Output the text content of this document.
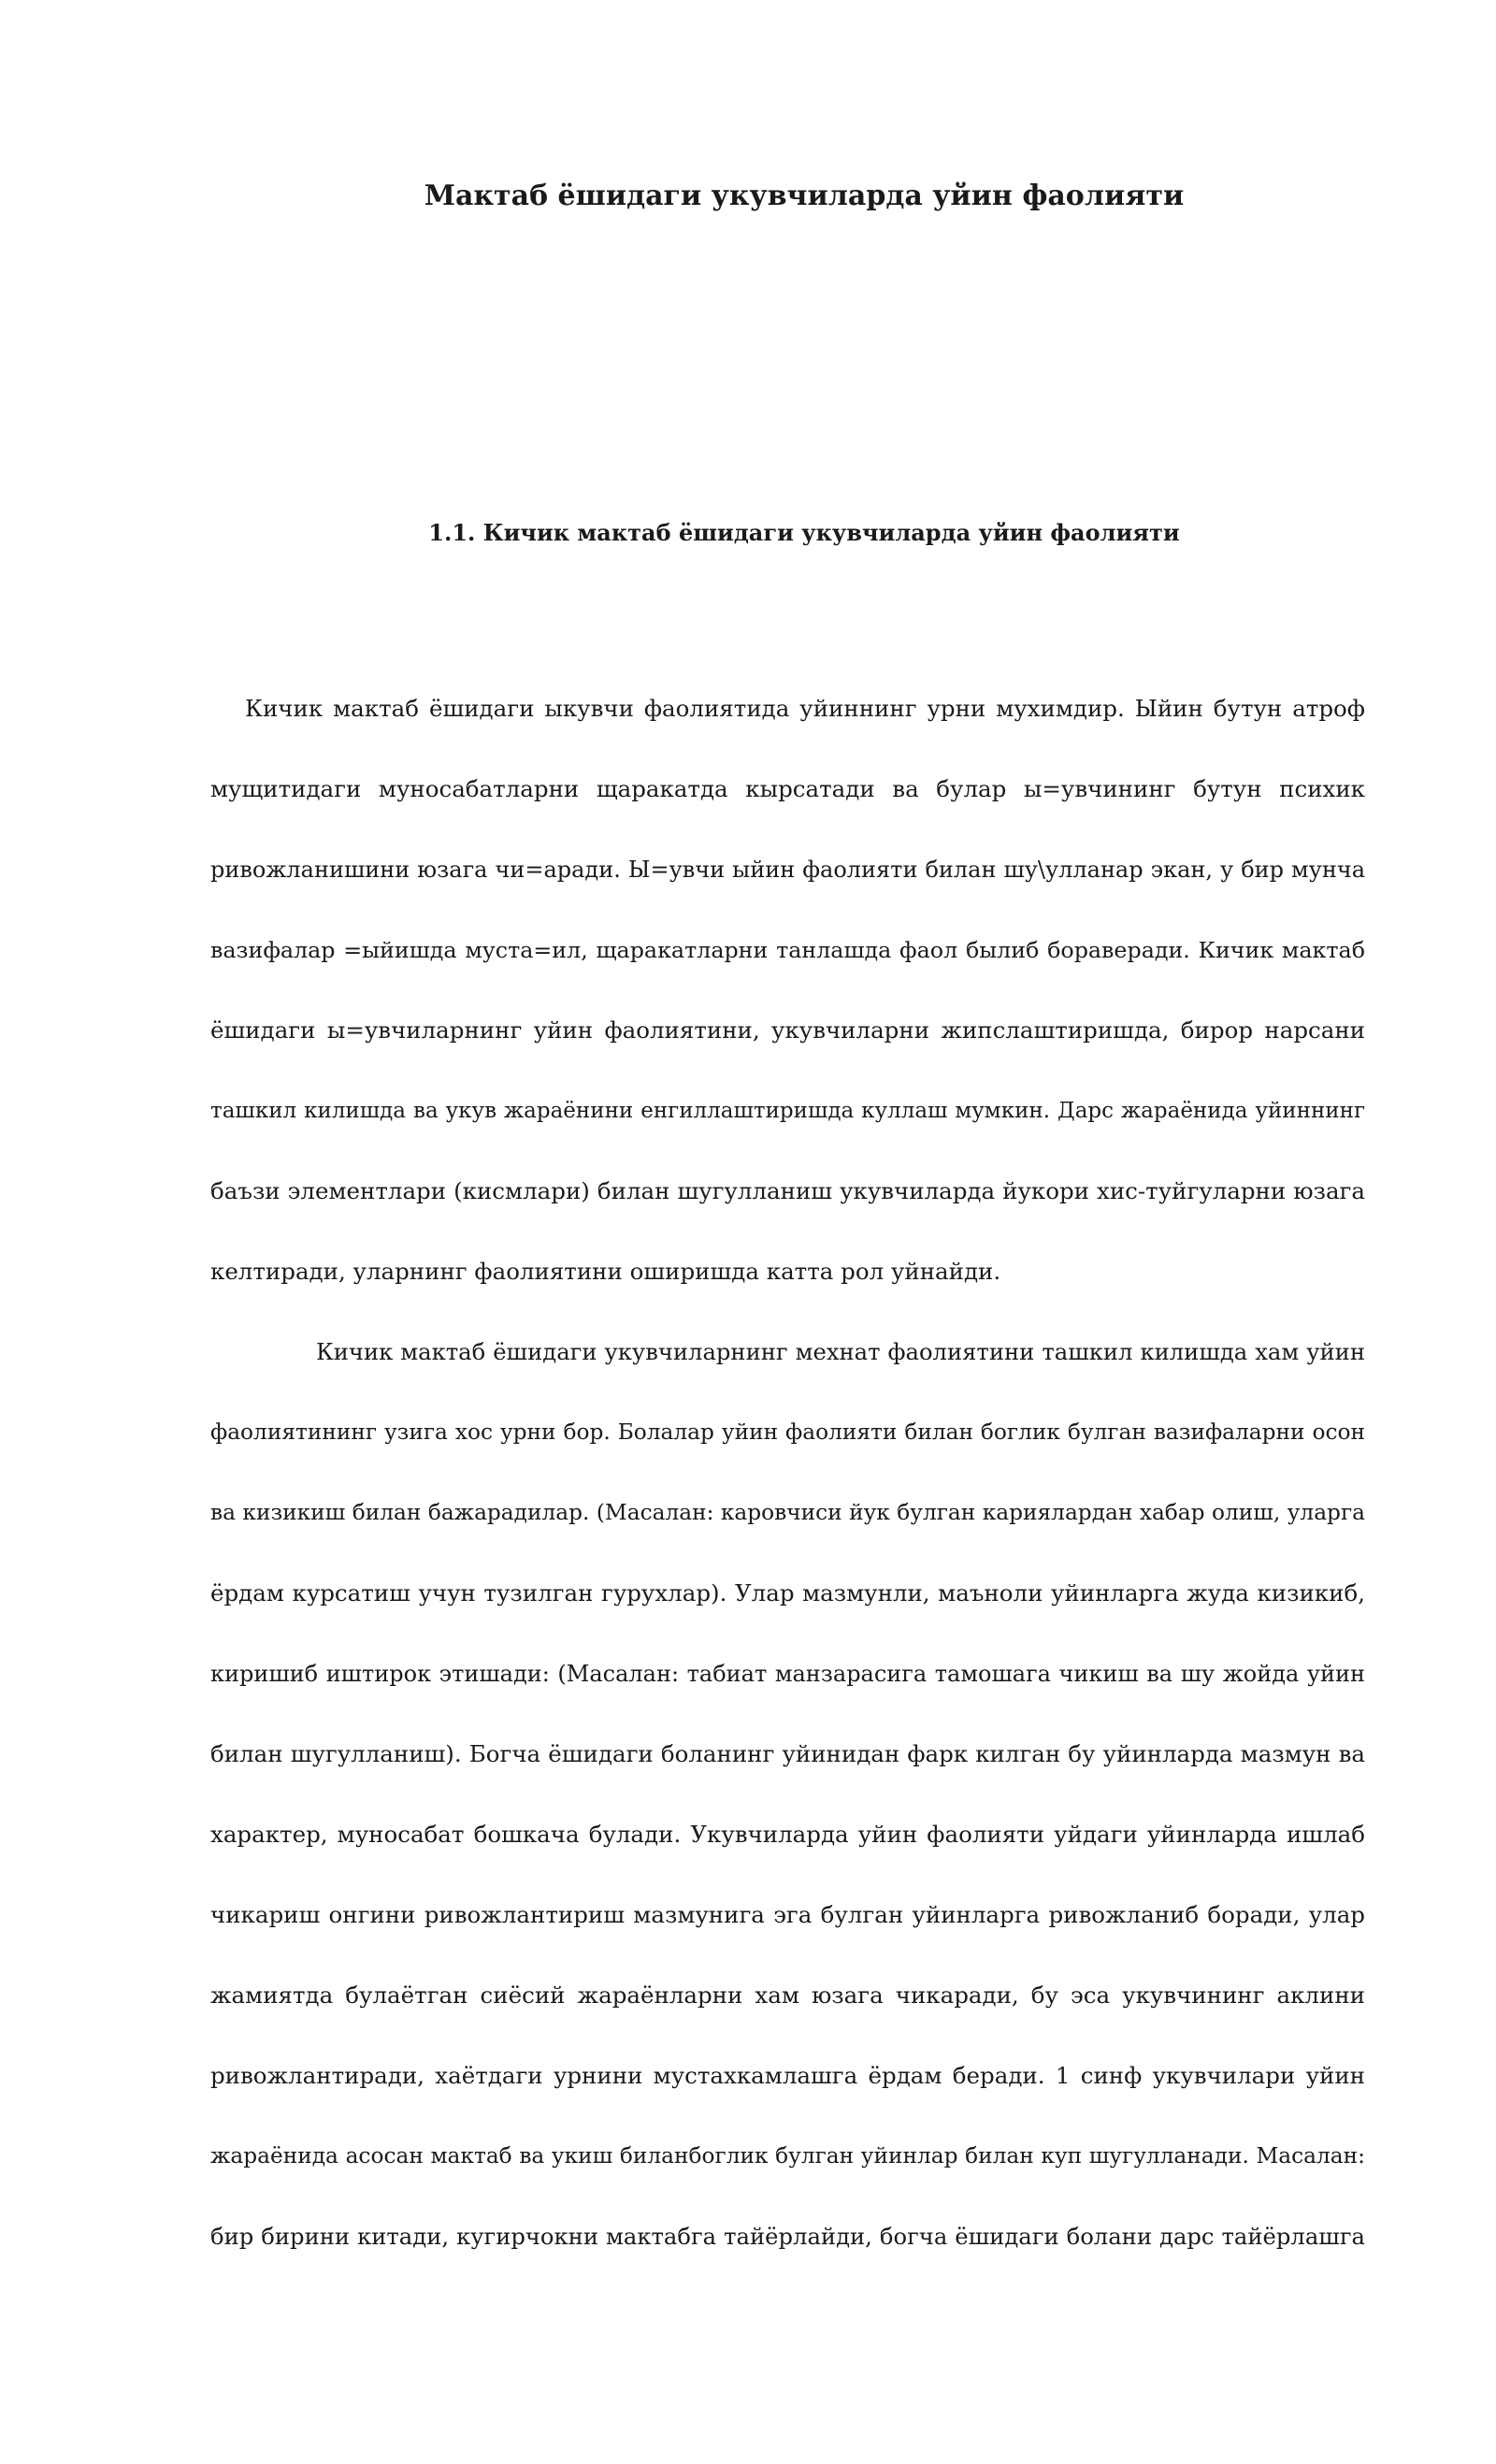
Мактаб ёшидаги укувчиларда уйин фаолияти
1.1. Кичик мактаб ёшидаги укувчиларда уйин фаолияти
Кичик мактаб ёшидаги ыкувчи фаолиятида уйиннинг урни мухимдир. Ыйин бутун атроф
мущитидаги муносабатларни щаракатда кырсатади ва булар ы=увчининг бутун психик
ривожланишини юзага чи=аради. Ы=увчи ыйин фаолияти билан шу\улланар экан, у бир мунча
вазифалар =ыйишда муста=ил, щаракатларни танлашда фаол былиб бораверади. Кичик мактаб
ёшидаги ы=увчиларнинг уйин фаолиятини, укувчиларни жипслаштиришда, бирор нарсани
ташкил килишда ва укув жараёнини енгиллаштиришда куллаш мумкин. Дарс жараёнида уйиннинг
баъзи элементлари (кисмлари) билан шугулланиш укувчиларда йукори хис-туйгуларни юзага
келтиради, уларнинг фаолиятини оширишда катта рол уйнайди.
Кичик мактаб ёшидаги укувчиларнинг мехнат фаолиятини ташкил килишда хам уйин
фаолиятининг узига хос урни бор. Болалар уйин фаолияти билан боглик булган вазифаларни осон
ва кизикиш билан бажарадилар. (Масалан: каровчиси йук булган кариялардан хабар олиш, уларга
ёрдам курсатиш учун тузилган гурухлар). Улар мазмунли, маъноли уйинларга жуда кизикиб,
киришиб иштирок этишади: (Масалан: табиат манзарасига тамошага чикиш ва шу жойда уйин
билан шугулланиш). Богча ёшидаги боланинг уйинидан фарк килган бу уйинларда мазмун ва
характер, муносабат бошкача булади. Укувчиларда уйин фаолияти уйдаги уйинларда ишлаб
чикариш онгини ривожлантириш мазмунига эга булган уйинларга ривожланиб боради, улар
жамиятда булаётган сиёсий жараёнларни хам юзага чикаради, бу эса укувчининг аклини
ривожлантиради, хаётдаги урнини мустахкамлашга ёрдам беради. 1 синф укувчилари уйин
жараёнида асосан мактаб ва укиш биланбоглик булган уйинлар билан куп шугулланади. Масалан:
бир бирини китади, кугирчокни мактабга тайёрлайди, богча ёшидаги болани дарс тайёрлашга
